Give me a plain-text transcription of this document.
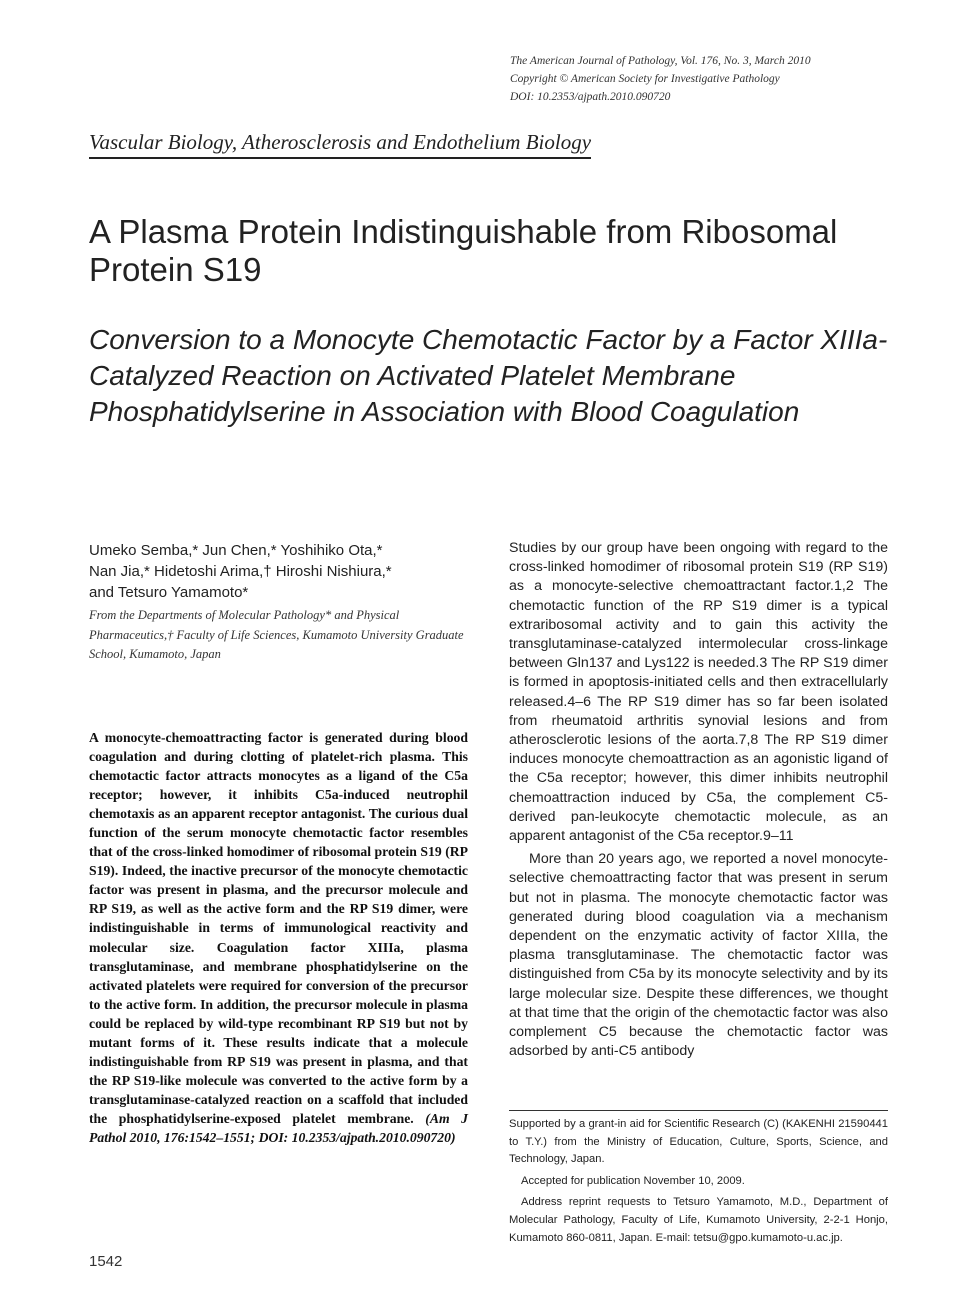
The American Journal of Pathology, Vol. 176, No. 3, March 2010
Copyright © American Society for Investigative Pathology
DOI: 10.2353/ajpath.2010.090720
Vascular Biology, Atherosclerosis and Endothelium Biology
A Plasma Protein Indistinguishable from Ribosomal Protein S19
Conversion to a Monocyte Chemotactic Factor by a Factor XIIIa-Catalyzed Reaction on Activated Platelet Membrane Phosphatidylserine in Association with Blood Coagulation
Umeko Semba,* Jun Chen,* Yoshihiko Ota,*
Nan Jia,* Hidetoshi Arima,† Hiroshi Nishiura,*
and Tetsuro Yamamoto*
From the Departments of Molecular Pathology* and Physical Pharmaceutics,† Faculty of Life Sciences, Kumamoto University Graduate School, Kumamoto, Japan

A monocyte-chemoattracting factor is generated during blood coagulation and during clotting of platelet-rich plasma. This chemotactic factor attracts monocytes as a ligand of the C5a receptor; however, it inhibits C5a-induced neutrophil chemotaxis as an apparent receptor antagonist. The curious dual function of the serum monocyte chemotactic factor resembles that of the cross-linked homodimer of ribosomal protein S19 (RP S19). Indeed, the inactive precursor of the monocyte chemotactic factor was present in plasma, and the precursor molecule and RP S19, as well as the active form and the RP S19 dimer, were indistinguishable in terms of immunological reactivity and molecular size. Coagulation factor XIIIa, plasma transglutaminase, and membrane phosphatidylserine on the activated platelets were required for conversion of the precursor to the active form. In addition, the precursor molecule in plasma could be replaced by wild-type recombinant RP S19 but not by mutant forms of it. These results indicate that a molecule indistinguishable from RP S19 was present in plasma, and that the RP S19-like molecule was converted to the active form by a transglutaminase-catalyzed reaction on a scaffold that included the phosphatidylserine-exposed platelet membrane. (Am J Pathol 2010, 176:1542–1551; DOI: 10.2353/ajpath.2010.090720)

1542

Studies by our group have been ongoing with regard to the cross-linked homodimer of ribosomal protein S19 (RP S19) as a monocyte-selective chemoattractant factor.1,2 The chemotactic function of the RP S19 dimer is a typical extraribosomal activity and to gain this activity the transglutaminase-catalyzed intermolecular cross-linkage between Gln137 and Lys122 is needed.3 The RP S19 dimer is formed in apoptosis-initiated cells and then extracellularly released.4–6 The RP S19 dimer has so far been isolated from rheumatoid arthritis synovial lesions and from atherosclerotic lesions of the aorta.7,8 The RP S19 dimer induces monocyte chemoattraction as an agonistic ligand of the C5a receptor; however, this dimer inhibits neutrophil chemoattraction induced by C5a, the complement C5-derived pan-leukocyte chemotactic molecule, as an apparent antagonist of the C5a receptor.9–11

More than 20 years ago, we reported a novel monocyte-selective chemoattracting factor that was present in serum but not in plasma. The monocyte chemotactic factor was generated during blood coagulation via a mechanism dependent on the enzymatic activity of factor XIIIa, the plasma transglutaminase. The chemotactic factor was distinguished from C5a by its monocyte selectivity and by its large molecular size. Despite these differences, we thought at that time that the origin of the chemotactic factor was also complement C5 because the chemotactic factor was adsorbed by anti-C5 antibody

Supported by a grant-in aid for Scientific Research (C) (KAKENHI 21590441 to T.Y.) from the Ministry of Education, Culture, Sports, Science, and Technology, Japan.

Accepted for publication November 10, 2009.

Address reprint requests to Tetsuro Yamamoto, M.D., Department of Molecular Pathology, Faculty of Life, Kumamoto University, 2-2-1 Honjo, Kumamoto 860-0811, Japan. E-mail: tetsu@gpo.kumamoto-u.ac.jp.
